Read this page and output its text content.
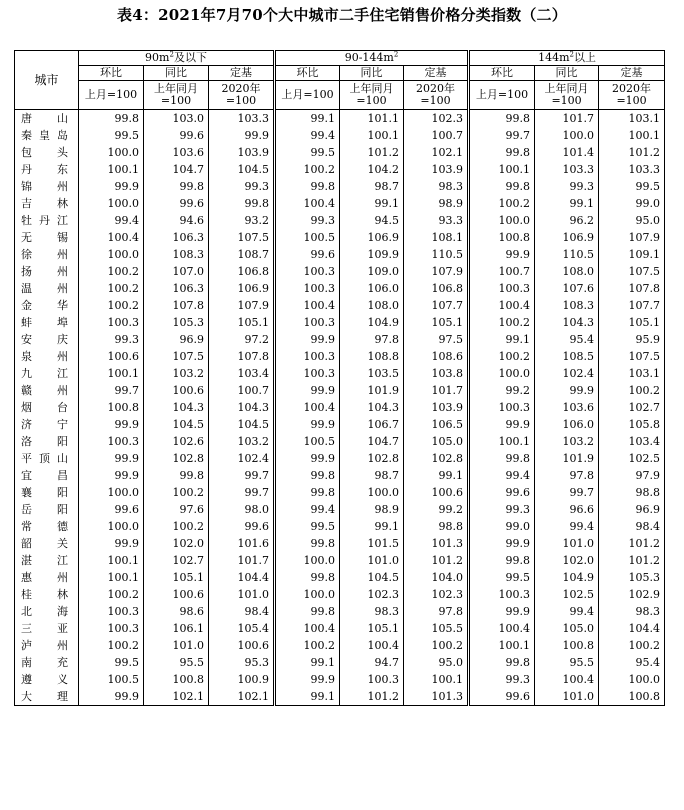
表4：2021年7月70个大中城市二手住宅销售价格分类指数（二）
城市	$90m^2$及以下			$90-144m^2$			$144m^2$以上		
	环比	同比	定基	环比	同比	定基	环比	同比	定基
	上月=100	上年同月=100	2020年=100	上月=100	上年同月=100	2020年=100	上月=100	上年同月=100	2020年=100
唐山	99.8	103.0	103.3	99.1	101.1	102.3	99.8	101.7	103.1
秦皇岛	99.5	99.6	99.9	99.4	100.1	100.7	99.7	100.0	100.1
包头	100.0	103.6	103.9	99.5	101.2	102.1	99.8	101.4	101.2
丹东	100.1	104.7	104.5	100.2	104.2	103.9	100.1	103.3	103.3
锦州	99.9	99.8	99.3	99.8	98.7	98.3	99.8	99.3	99.5
吉林	100.0	99.6	99.8	100.4	99.1	98.9	100.2	99.1	99.0
牡丹江	99.4	94.6	93.2	99.3	94.5	93.3	100.0	96.2	95.0
无锡	100.4	106.3	107.5	100.5	106.9	108.1	100.8	106.9	107.9
徐州	100.0	108.3	108.7	99.6	109.9	110.5	99.9	110.5	109.1
扬州	100.2	107.0	106.8	100.3	109.0	107.9	100.7	108.0	107.5
温州	100.2	106.3	106.9	100.3	106.0	106.8	100.3	107.6	107.8
金华	100.2	107.8	107.9	100.4	108.0	107.7	100.4	108.3	107.7
蚌埠	100.3	105.3	105.1	100.3	104.9	105.1	100.2	104.3	105.1
安庆	99.3	96.9	97.2	99.9	97.8	97.5	99.1	95.4	95.9
泉州	100.6	107.5	107.8	100.3	108.8	108.6	100.2	108.5	107.5
九江	100.1	103.2	103.4	100.3	103.5	103.8	100.0	102.4	103.1
赣州	99.7	100.6	100.7	99.9	101.9	101.7	99.2	99.9	100.2
烟台	100.8	104.3	104.3	100.4	104.3	103.9	100.3	103.6	102.7
济宁	99.9	104.5	104.5	99.9	106.7	106.5	99.9	106.0	105.8
洛阳	100.3	102.6	103.2	100.5	104.7	105.0	100.1	103.2	103.4
平顶山	99.9	102.8	102.4	99.9	102.8	102.8	99.8	101.9	102.5
宜昌	99.9	99.8	99.7	99.8	98.7	99.1	99.4	97.8	97.9
襄阳	100.0	100.2	99.7	99.8	100.0	100.6	99.6	99.7	98.8
岳阳	99.6	97.6	98.0	99.4	98.9	99.2	99.3	96.6	96.9
常德	100.0	100.2	99.6	99.5	99.1	98.8	99.0	99.4	98.4
韶关	99.9	102.0	101.6	99.8	101.5	101.3	99.9	101.0	101.2
湛江	100.1	102.7	101.7	100.0	101.0	101.2	99.8	102.0	101.2
惠州	100.1	105.1	104.4	99.8	104.5	104.0	99.5	104.9	105.3
桂林	100.2	100.6	101.0	100.0	102.3	102.3	100.3	102.5	102.9
北海	100.3	98.6	98.4	99.8	98.3	97.8	99.9	99.4	98.3
三亚	100.3	106.1	105.4	100.4	105.1	105.5	100.4	105.0	104.4
泸州	100.2	101.0	100.6	100.2	100.4	100.2	100.1	100.8	100.2
南充	99.5	95.5	95.3	99.1	94.7	95.0	99.8	95.5	95.4
遵义	100.5	100.8	100.9	99.9	100.3	100.1	99.3	100.4	100.0
大理	99.9	102.1	102.1	99.1	101.2	101.3	99.6	101.0	100.8
